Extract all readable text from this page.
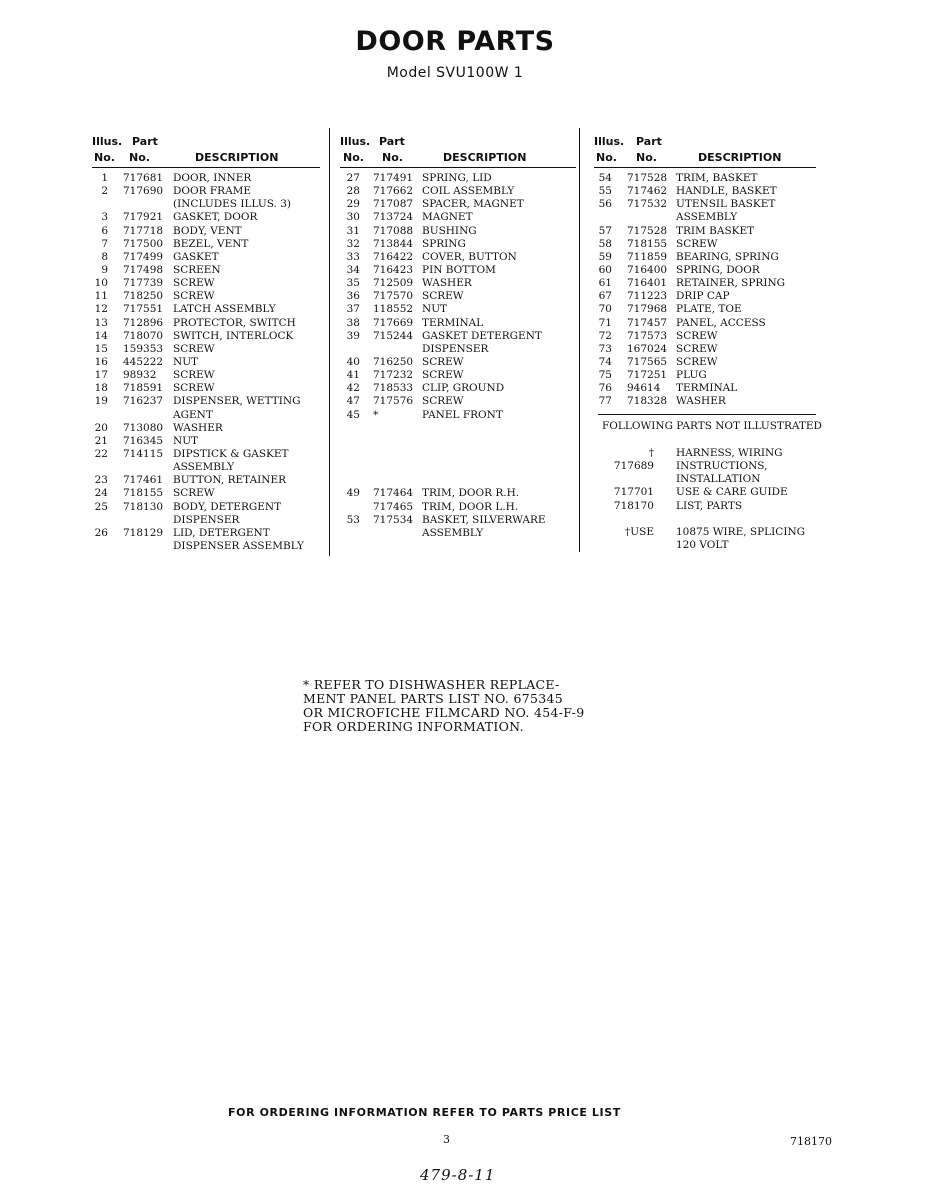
DOOR PARTS
Model SVU100W 1
Illus.
No.
Part
No.	DESCRIPTION
1 717681 DOOR, INNER
2 717690 DOOR FRAME
(INCLUDES ILLUS. 3)
3 717921 GASKET, DOOR
6 717718 BODY, VENT
7 717500 BEZEL, VENT
8 717499 GASKET
9 717498 SCREEN
10 717739 SCREW
11 718250 SCREW
12 717551 LATCH ASSEMBLY
13 712896 PROTECTOR, SWITCH
14 718070 SWITCH, INTERLOCK
15 159353 SCREW
16 445222 NUT
17 98932 SCREW
18 718591 SCREW
19 716237 DISPENSER, WETTING
AGENT
20 713080 WASHER
21 716345 NUT
22 714115 DIPSTICK & GASKET
ASSEMBLY
23 717461 BUTTON, RETAINER
24 718155 SCREW
25 718130 BODY, DETERGENT
DISPENSER
26 718129 LID, DETERGENT
DISPENSER ASSEMBLY
Illus.
No.
Part
No.	DESCRIPTION
27 717491 SPRING, LID
28 717662 COIL ASSEMBLY
29 717087 SPACER, MAGNET
30 713724 MAGNET
31 717088 BUSHING
32 713844 SPRING
33 716422 COVER, BUTTON
34 716423 PIN BOTTOM
35 712509 WASHER
36 717570 SCREW
37 118552 NUT
38 717669 TERMINAL
39 715244 GASKET DETERGENT
DISPENSER
40 716250 SCREW
41 717232 SCREW
42 718533 CLIP, GROUND
47 717576 SCREW
45 *	PANEL FRONT
49 717464 TRIM, DOOR R.H.
717465 TRIM, DOOR L.H.
53 717534 BASKET, SILVERWARE
ASSEMBLY
Illus.
No.
Part
No.	DESCRIPTION
54 717528 TRIM, BASKET
55 717462 HANDLE, BASKET
56 717532 UTENSIL BASKET
ASSEMBLY
57 717528 TRIM BASKET
58 718155 SCREW
59 711859 BEARING, SPRING
60 716400 SPRING, DOOR
61 716401 RETAINER, SPRING
67 711223 DRIP CAP
70 717968 PLATE, TOE
71 717457 PANEL, ACCESS
72 717573 SCREW
73 167024 SCREW
74 717565 SCREW
75 717251 PLUG
76 94614 TERMINAL
77 718328 WASHER
FOLLOWING PARTS NOT ILLUSTRATED
† HARNESS, WIRING
717689 INSTRUCTIONS,
INSTALLATION
717701 USE & CARE GUIDE
718170 LIST, PARTS
†USE 10875 WIRE, SPLICING
120 VOLT
* REFER TO DISHWASHER REPLACE-
MENT PANEL PARTS LIST NO. 675345
OR MICROFICHE FILMCARD NO. 454-F-9
FOR ORDERING INFORMATION.
FOR ORDERING INFORMATION REFER TO PARTS PRICE LIST
3	718170
479-8-11
